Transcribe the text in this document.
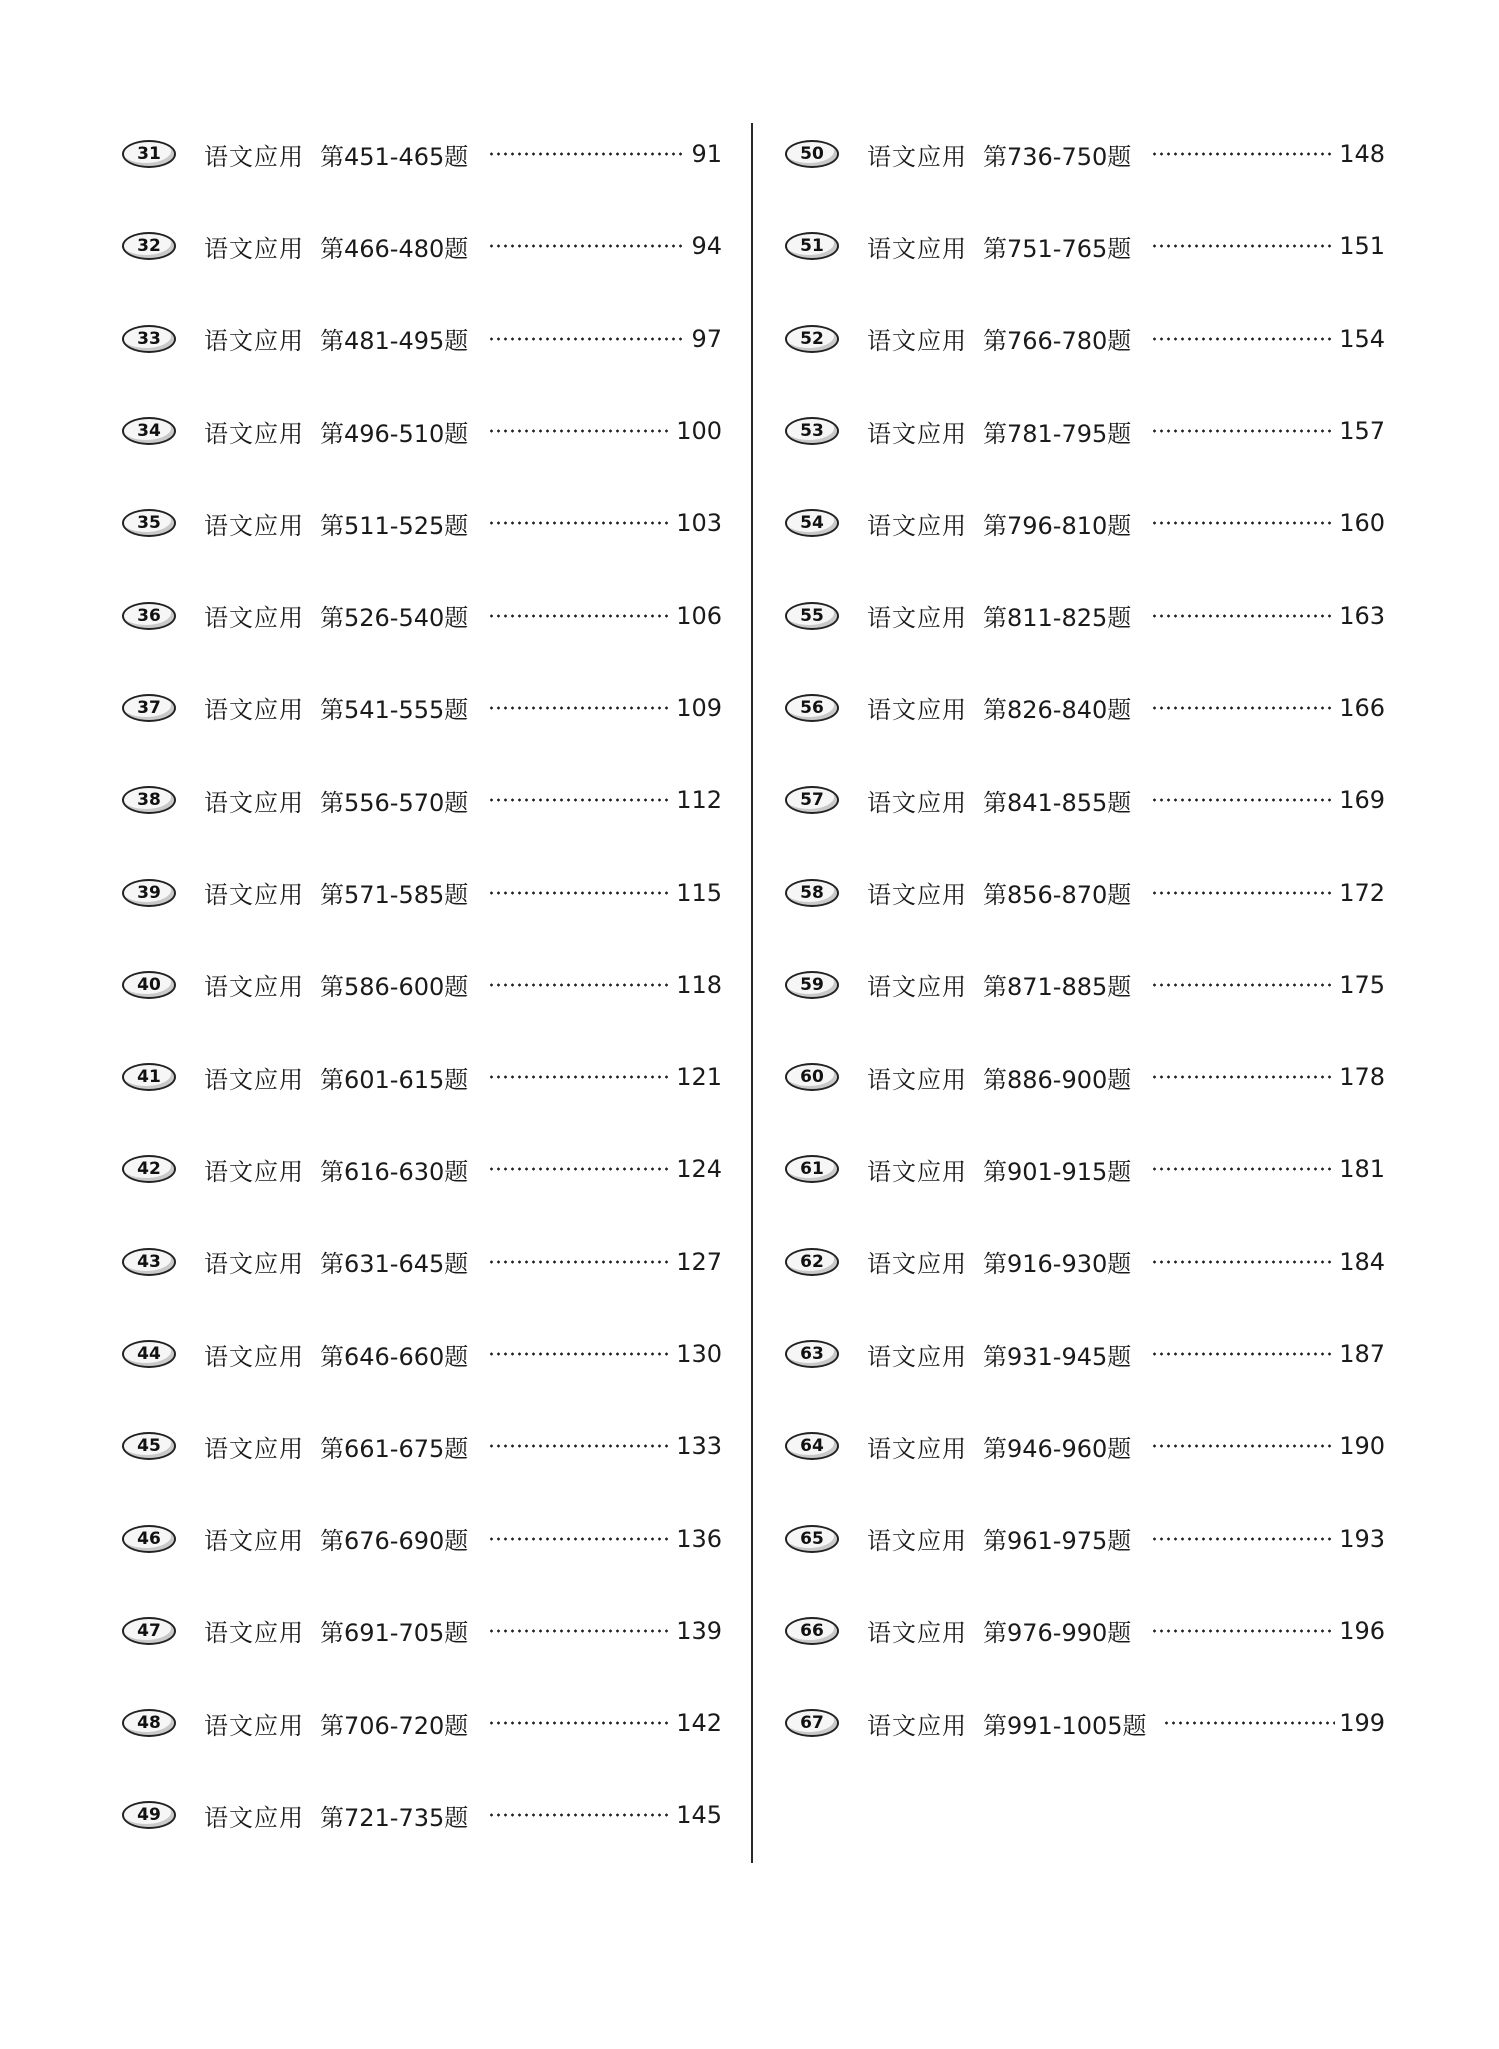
31	语文应用 第451-465题	91
32	语文应用 第466-480题	94
33	语文应用 第481-495题	97
34	语文应用 第496-510题	100
35	语文应用 第511-525题	103
36	语文应用 第526-540题	106
37	语文应用 第541-555题	109
38	语文应用 第556-570题	112
39	语文应用 第571-585题	115
40	语文应用 第586-600题	118
41	语文应用 第601-615题	121
42	语文应用 第616-630题	124
43	语文应用 第631-645题	127
44	语文应用 第646-660题	130
45	语文应用 第661-675题	133
46	语文应用 第676-690题	136
47	语文应用 第691-705题	139
48	语文应用 第706-720题	142
49	语文应用 第721-735题	145
50	语文应用 第736-750题	148
51	语文应用 第751-765题	151
52	语文应用 第766-780题	154
53	语文应用 第781-795题	157
54	语文应用 第796-810题	160
55	语文应用 第811-825题	163
56	语文应用 第826-840题	166
57	语文应用 第841-855题	169
58	语文应用 第856-870题	172
59	语文应用 第871-885题	175
60	语文应用 第886-900题	178
61	语文应用 第901-915题	181
62	语文应用 第916-930题	184
63	语文应用 第931-945题	187
64	语文应用 第946-960题	190
65	语文应用 第961-975题	193
66	语文应用 第976-990题	196
67	语文应用 第991-1005题	199
